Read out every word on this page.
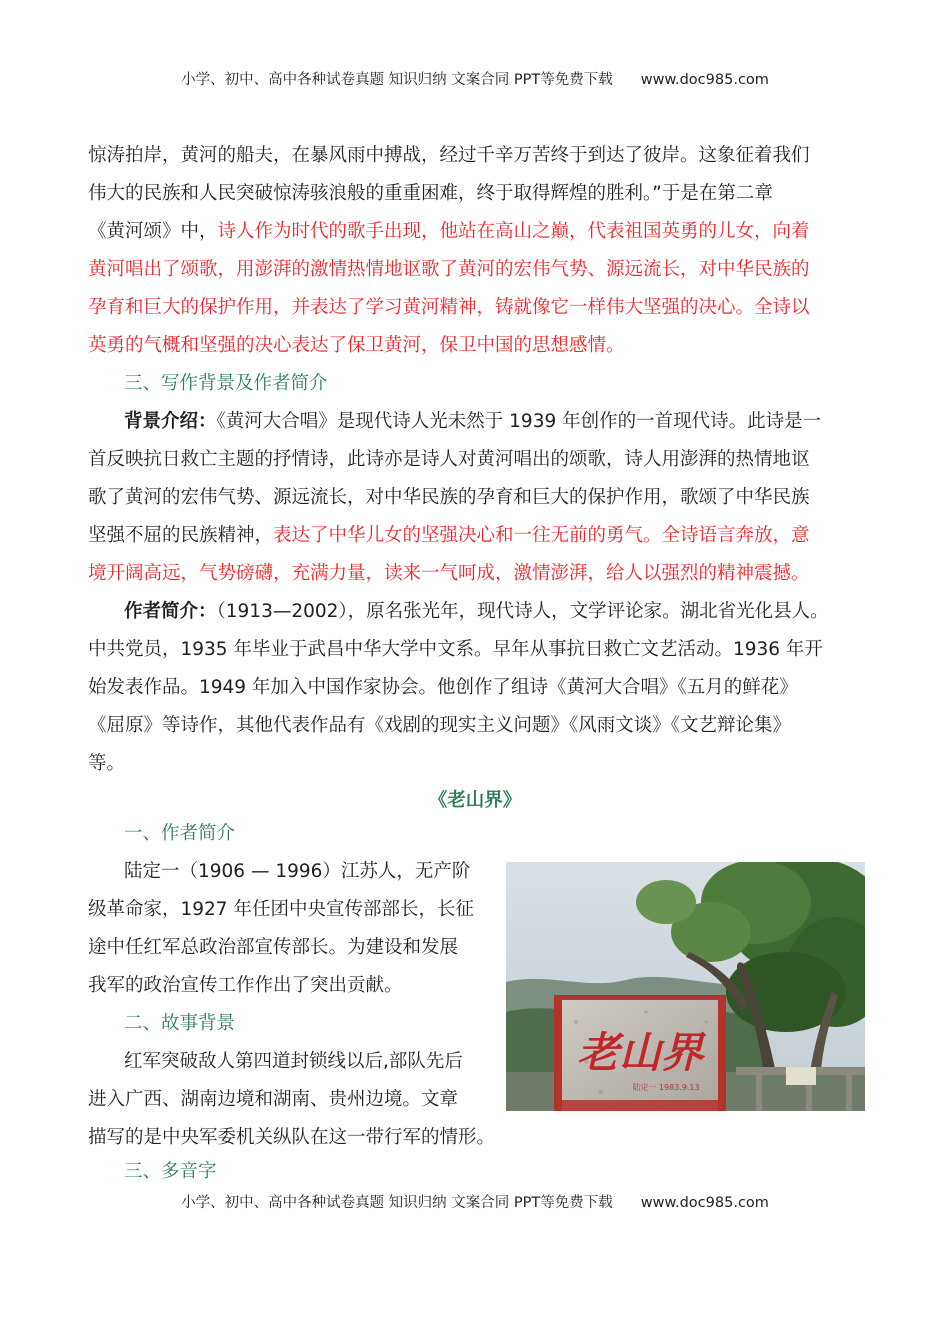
小学、初中、高中各种试卷真题 知识归纳 文案合同 PPT等免费下载 www.doc985.com
惊涛拍岸，黄河的船夫，在暴风雨中搏战，经过千辛万苦终于到达了彼岸。这象征着我们
伟大的民族和人民突破惊涛骇浪般的重重困难，终于取得辉煌的胜利。”于是在第二章
《黄河颂》中，诗人作为时代的歌手出现，他站在高山之巅，代表祖国英勇的儿女，向着
黄河唱出了颂歌，用澎湃的激情热情地讴歌了黄河的宏伟气势、源远流长，对中华民族的
孕育和巨大的保护作用，并表达了学习黄河精神，铸就像它一样伟大坚强的决心。全诗以
英勇的气概和坚强的决心表达了保卫黄河，保卫中国的思想感情。
三、写作背景及作者简介
背景介绍：《黄河大合唱》是现代诗人光未然于 1939 年创作的一首现代诗。此诗是一
首反映抗日救亡主题的抒情诗，此诗亦是诗人对黄河唱出的颂歌，诗人用澎湃的热情地讴
歌了黄河的宏伟气势、源远流长，对中华民族的孕育和巨大的保护作用，歌颂了中华民族
坚强不屈的民族精神，表达了中华儿女的坚强决心和一往无前的勇气。全诗语言奔放，意
境开阔高远，气势磅礴，充满力量，读来一气呵成，激情澎湃，给人以强烈的精神震撼。
作者简介：（1913—2002），原名张光年，现代诗人，文学评论家。湖北省光化县人。
中共党员，1935 年毕业于武昌中华大学中文系。早年从事抗日救亡文艺活动。1936 年开
始发表作品。1949 年加入中国作家协会。他创作了组诗《黄河大合唱》《五月的鲜花》
《屈原》等诗作，其他代表作品有《戏剧的现实主义问题》《风雨文谈》《文艺辩论集》
等。
《老山界》
一、作者简介
陆定一（1906 — 1996）江苏人，无产阶
级革命家，1927 年任团中央宣传部部长，长征
途中任红军总政治部宣传部长。为建设和发展
我军的政治宣传工作作出了突出贡献。
二、故事背景
红军突破敌人第四道封锁线以后,部队先后
进入广西、湖南边境和湖南、贵州边境。文章
描写的是中央军委机关纵队在这一带行军的情形。
三、多音字
老山界
陆定一 1983.9.13
小学、初中、高中各种试卷真题 知识归纳 文案合同 PPT等免费下载 www.doc985.com
